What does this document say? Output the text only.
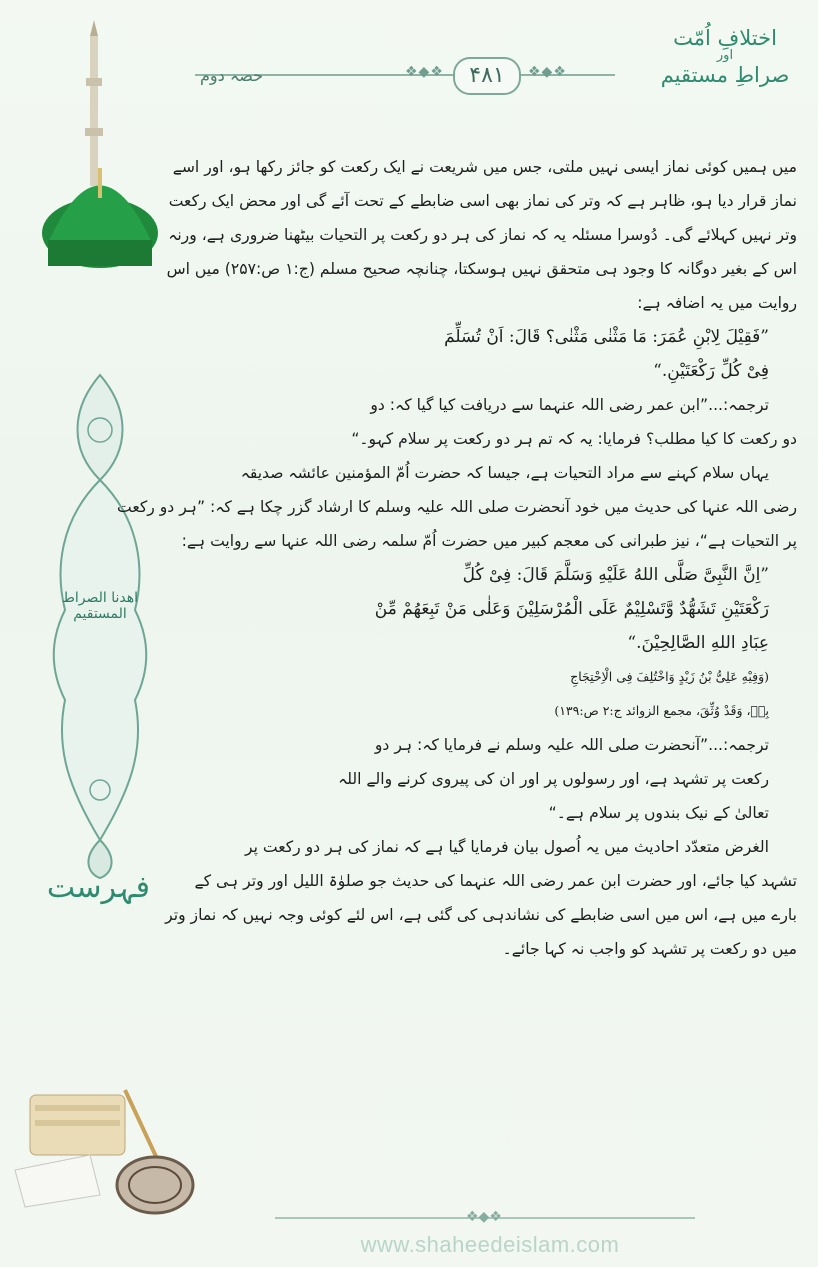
❖◆❖	❖◆❖
۴۸۱
حصہ دوم
اختلافِ اُمّت
اور
صراطِ مستقیم
اهدنا الصراط المستقيم
فہرست
میں ہمیں کوئی نماز ایسی نہیں ملتی، جس میں شریعت نے ایک رکعت کو جائز رکھا ہو، اور اسے
نماز قرار دیا ہو، ظاہر ہے کہ وتر کی نماز بھی اسی ضابطے کے تحت آئے گی اور محض ایک رکعت
وتر نہیں کہلائے گی۔ دُوسرا مسئلہ یہ کہ نماز کی ہر دو رکعت پر التحیات بیٹھنا ضروری ہے، ورنہ
اس کے بغیر دوگانہ کا وجود ہی متحقق نہیں ہوسکتا، چنانچہ صحیح مسلم (ج:۱ ص:۲۵۷) میں اس
روایت میں یہ اضافہ ہے:
”فَقِيْلَ لِابْنِ عُمَرَ: مَا مَثْنٰى مَثْنٰى؟ قَالَ: اَنْ تُسَلِّمَ
فِىْ كُلِّ رَكْعَتَيْنِ.“
ترجمہ:...”ابن عمر رضی اللہ عنہما سے دریافت کیا گیا کہ: دو
دو رکعت کا کیا مطلب؟ فرمایا: یہ کہ تم ہر دو رکعت پر سلام کہو۔“
یہاں سلام کہنے سے مراد التحیات ہے، جیسا کہ حضرت اُمّ المؤمنین عائشہ صدیقہ
رضی اللہ عنہا کی حدیث میں خود آنحضرت صلی اللہ علیہ وسلم کا ارشاد گزر چکا ہے کہ: ”ہر دو رکعت
پر التحیات ہے“، نیز طبرانی کی معجم کبیر میں حضرت اُمّ سلمہ رضی اللہ عنہا سے روایت ہے:
”اِنَّ النَّبِىَّ صَلَّى اللهُ عَلَيْهِ وَسَلَّمَ قَالَ: فِىْ كُلِّ
رَكْعَتَيْنِ تَشَهُّدٌ وَّتَسْلِيْمٌ عَلَى الْمُرْسَلِيْنَ وَعَلٰى مَنْ تَبِعَهُمْ مِّنْ
عِبَادِ اللهِ الصَّالِحِيْنَ.“
(وَفِيْهِ عَلِىُّ بْنُ زَيْدٍ وَاخْتُلِفَ فِى الْاِحْتِجَاجِ
بِهٖ، وَقَدْ وُثِّقَ، مجمع الزوائد ج:۲ ص:۱۳۹)
ترجمہ:...”آنحضرت صلی اللہ علیہ وسلم نے فرمایا کہ: ہر دو
رکعت پر تشہد ہے، اور رسولوں پر اور ان کی پیروی کرنے والے اللہ
تعالیٰ کے نیک بندوں پر سلام ہے۔“
الغرض متعدّد احادیث میں یہ اُصول بیان فرمایا گیا ہے کہ نماز کی ہر دو رکعت پر
تشہد کیا جائے، اور حضرت ابن عمر رضی اللہ عنہما کی حدیث جو صلوٰۃ اللیل اور وتر ہی کے
بارے میں ہے، اس میں اسی ضابطے کی نشاندہی کی گئی ہے، اس لئے کوئی وجہ نہیں کہ نماز وتر
میں دو رکعت پر تشہد کو واجب نہ کہا جائے۔
❖◆❖
www.shaheedeislam.com
